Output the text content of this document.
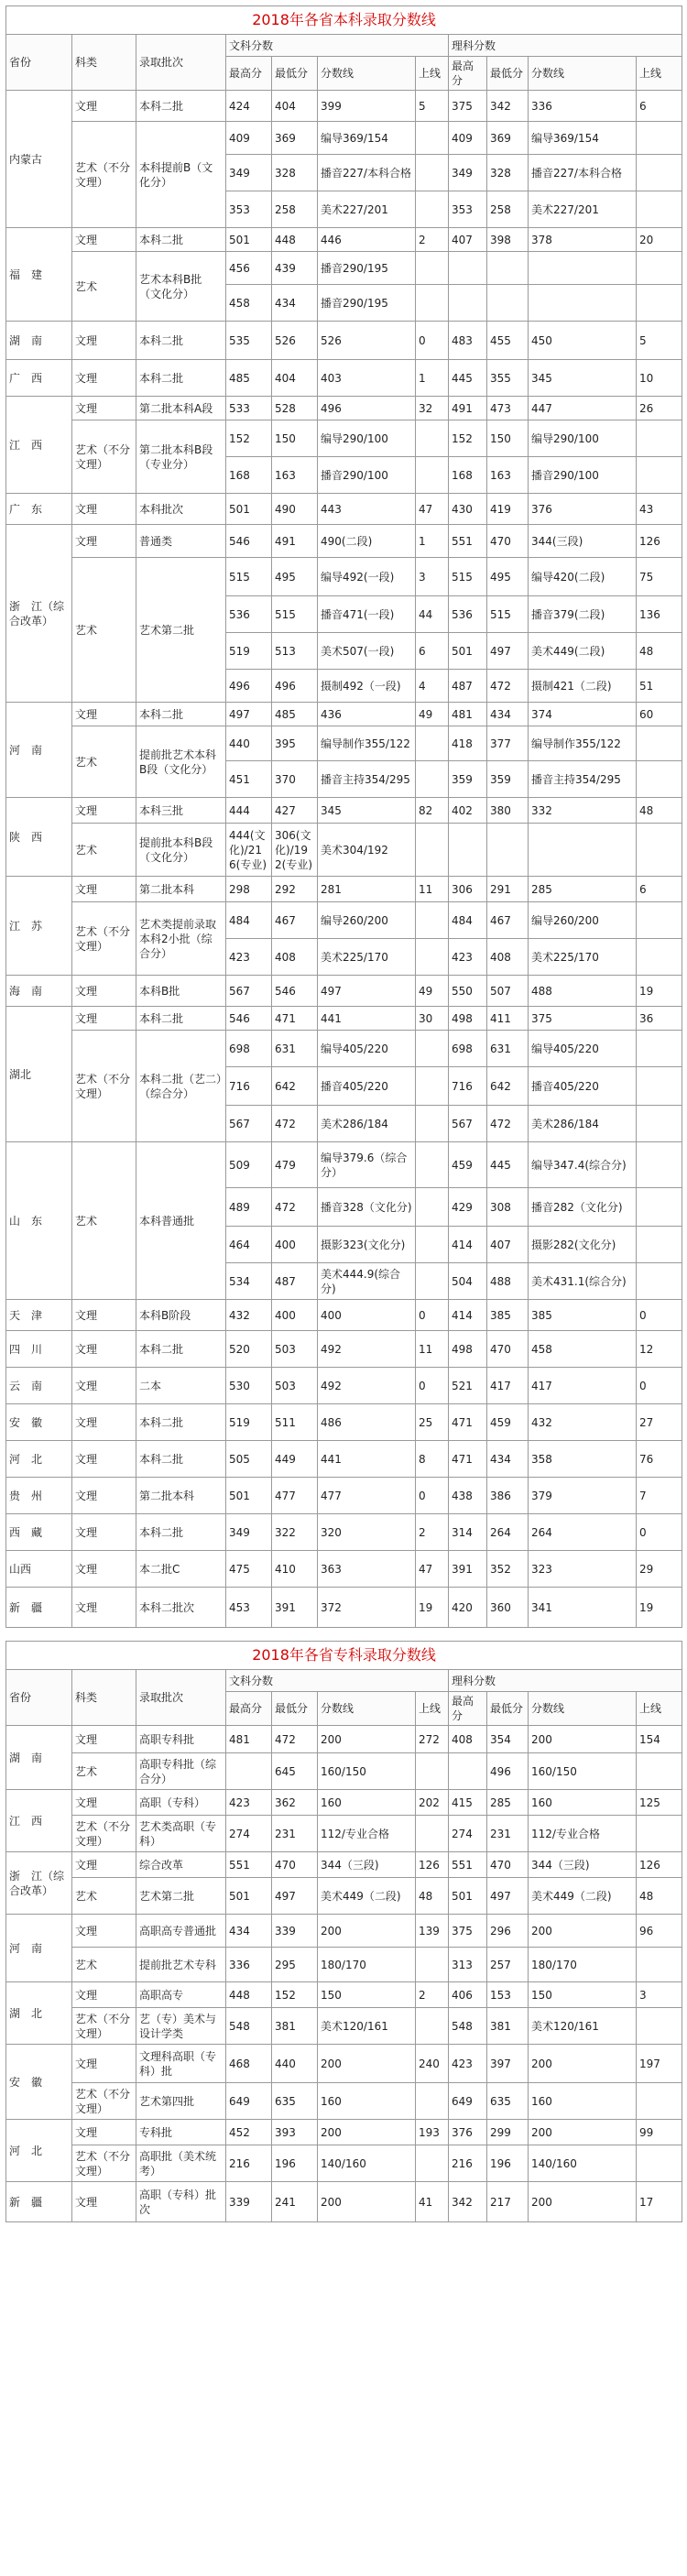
2018年各省本科录取分数线										
省份	科类	录取批次	文科分数				理科分数			
			最高分	最低分	分数线	上线	最高分	最低分	分数线	上线
内蒙古	文理	本科二批	424	404	399	5	375	342	336	6
	艺术（不分文理）	本科提前B（文化分）	409	369	编导369/154		409	369	编导369/154	
			349	328	播音227/本科合格		349	328	播音227/本科合格	
			353	258	美术227/201		353	258	美术227/201	
福　建	文理	本科二批	501	448	446	2	407	398	378	20
	艺术	艺术本科B批（文化分）	456	439	播音290/195					
			458	434	播音290/195					
湖　南	文理	本科二批	535	526	526	0	483	455	450	5
广　西	文理	本科二批	485	404	403	1	445	355	345	10
江　西	文理	第二批本科A段	533	528	496	32	491	473	447	26
	艺术（不分文理）	第二批本科B段（专业分）	152	150	编导290/100		152	150	编导290/100	
			168	163	播音290/100		168	163	播音290/100	
广　东	文理	本科批次	501	490	443	47	430	419	376	43
浙　江（综合改革）	文理	普通类	546	491	490(二段)	1	551	470	344(三段)	126
	艺术	艺术第二批	515	495	编导492(一段)	3	515	495	编导420(二段)	75
			536	515	播音471(一段)	44	536	515	播音379(二段)	136
			519	513	美术507(一段)	6	501	497	美术449(二段)	48
			496	496	摄制492（一段)	4	487	472	摄制421（二段)	51
河　南	文理	本科二批	497	485	436	49	481	434	374	60
	艺术	提前批艺术本科B段（文化分）	440	395	编导制作355/122		418	377	编导制作355/122	
			451	370	播音主持354/295		359	359	播音主持354/295	
陕　西	文理	本科三批	444	427	345	82	402	380	332	48
	艺术	提前批本科B段（文化分）	444(文化)/216(专业)	306(文化)/192(专业)	美术304/192					
江　苏	文理	第二批本科	298	292	281	11	306	291	285	6
	艺术（不分文理）	艺术类提前录取本科2小批（综合分）	484	467	编导260/200		484	467	编导260/200	
			423	408	美术225/170		423	408	美术225/170	
海　南	文理	本科B批	567	546	497	49	550	507	488	19
湖北	文理	本科二批	546	471	441	30	498	411	375	36
	艺术（不分文理）	本科二批（艺二）（综合分）	698	631	编导405/220		698	631	编导405/220	
			716	642	播音405/220		716	642	播音405/220	
			567	472	美术286/184		567	472	美术286/184	
山　东	艺术	本科普通批	509	479	编导379.6（综合分）		459	445	编导347.4(综合分)	
			489	472	播音328（文化分)		429	308	播音282（文化分)	
			464	400	摄影323(文化分)		414	407	摄影282(文化分)	
			534	487	美术444.9(综合分)		504	488	美术431.1(综合分)	
天　津	文理	本科B阶段	432	400	400	0	414	385	385	0
四　川	文理	本科二批	520	503	492	11	498	470	458	12
云　南	文理	二本	530	503	492	0	521	417	417	0
安　徽	文理	本科二批	519	511	486	25	471	459	432	27
河　北	文理	本科二批	505	449	441	8	471	434	358	76
贵　州	文理	第二批本科	501	477	477	0	438	386	379	7
西　藏	文理	本科二批	349	322	320	2	314	264	264	0
山西	文理	本二批C	475	410	363	47	391	352	323	29
新　疆	文理	本科二批次	453	391	372	19	420	360	341	19
2018年各省专科录取分数线										
省份	科类	录取批次	文科分数				理科分数			
			最高分	最低分	分数线	上线	最高分	最低分	分数线	上线
湖　南	文理	高职专科批	481	472	200	272	408	354	200	154
	艺术	高职专科批（综合分）		645	160/150			496	160/150	
江　西	文理	高职（专科）	423	362	160	202	415	285	160	125
	艺术（不分文理）	艺术类高职（专科）	274	231	112/专业合格		274	231	112/专业合格	
浙　江（综合改革）	文理	综合改革	551	470	344（三段)	126	551	470	344（三段)	126
	艺术	艺术第二批	501	497	美术449（二段)	48	501	497	美术449（二段)	48
河　南	文理	高职高专普通批	434	339	200	139	375	296	200	96
	艺术	提前批艺术专科	336	295	180/170		313	257	180/170	
湖　北	文理	高职高专	448	152	150	2	406	153	150	3
	艺术（不分文理）	艺（专）美术与设计学类	548	381	美术120/161		548	381	美术120/161	
安　徽	文理	文理科高职（专科）批	468	440	200	240	423	397	200	197
	艺术（不分文理）	艺术第四批	649	635	160		649	635	160	
河　北	文理	专科批	452	393	200	193	376	299	200	99
	艺术（不分文理）	高职批（美术统考）	216	196	140/160		216	196	140/160	
新　疆	文理	高职（专科）批次	339	241	200	41	342	217	200	17
